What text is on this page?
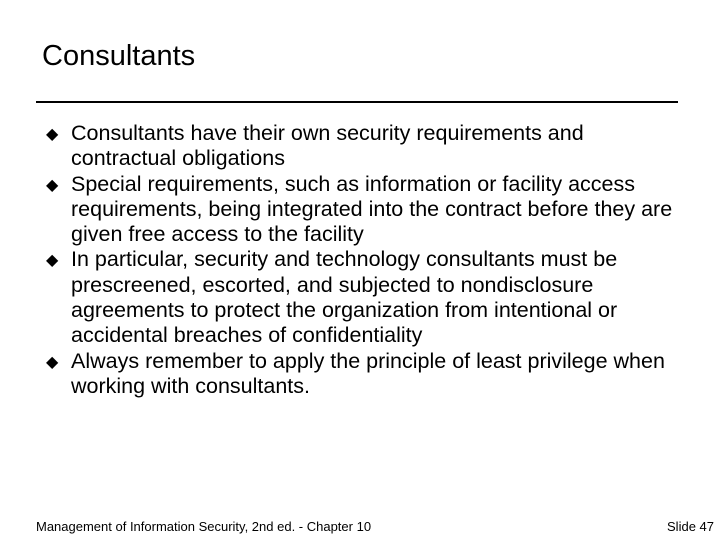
Consultants
◆ Consultants have their own security requirements and contractual obligations
◆ Special requirements, such as information or facility access requirements, being integrated into the contract before they are given free access to the facility
◆ In particular, security and technology consultants must be prescreened, escorted, and subjected to nondisclosure agreements to protect the organization from intentional or accidental breaches of confidentiality
◆ Always remember to apply the principle of least privilege when working with consultants.
Management of Information Security, 2nd ed. - Chapter 10	Slide 47
